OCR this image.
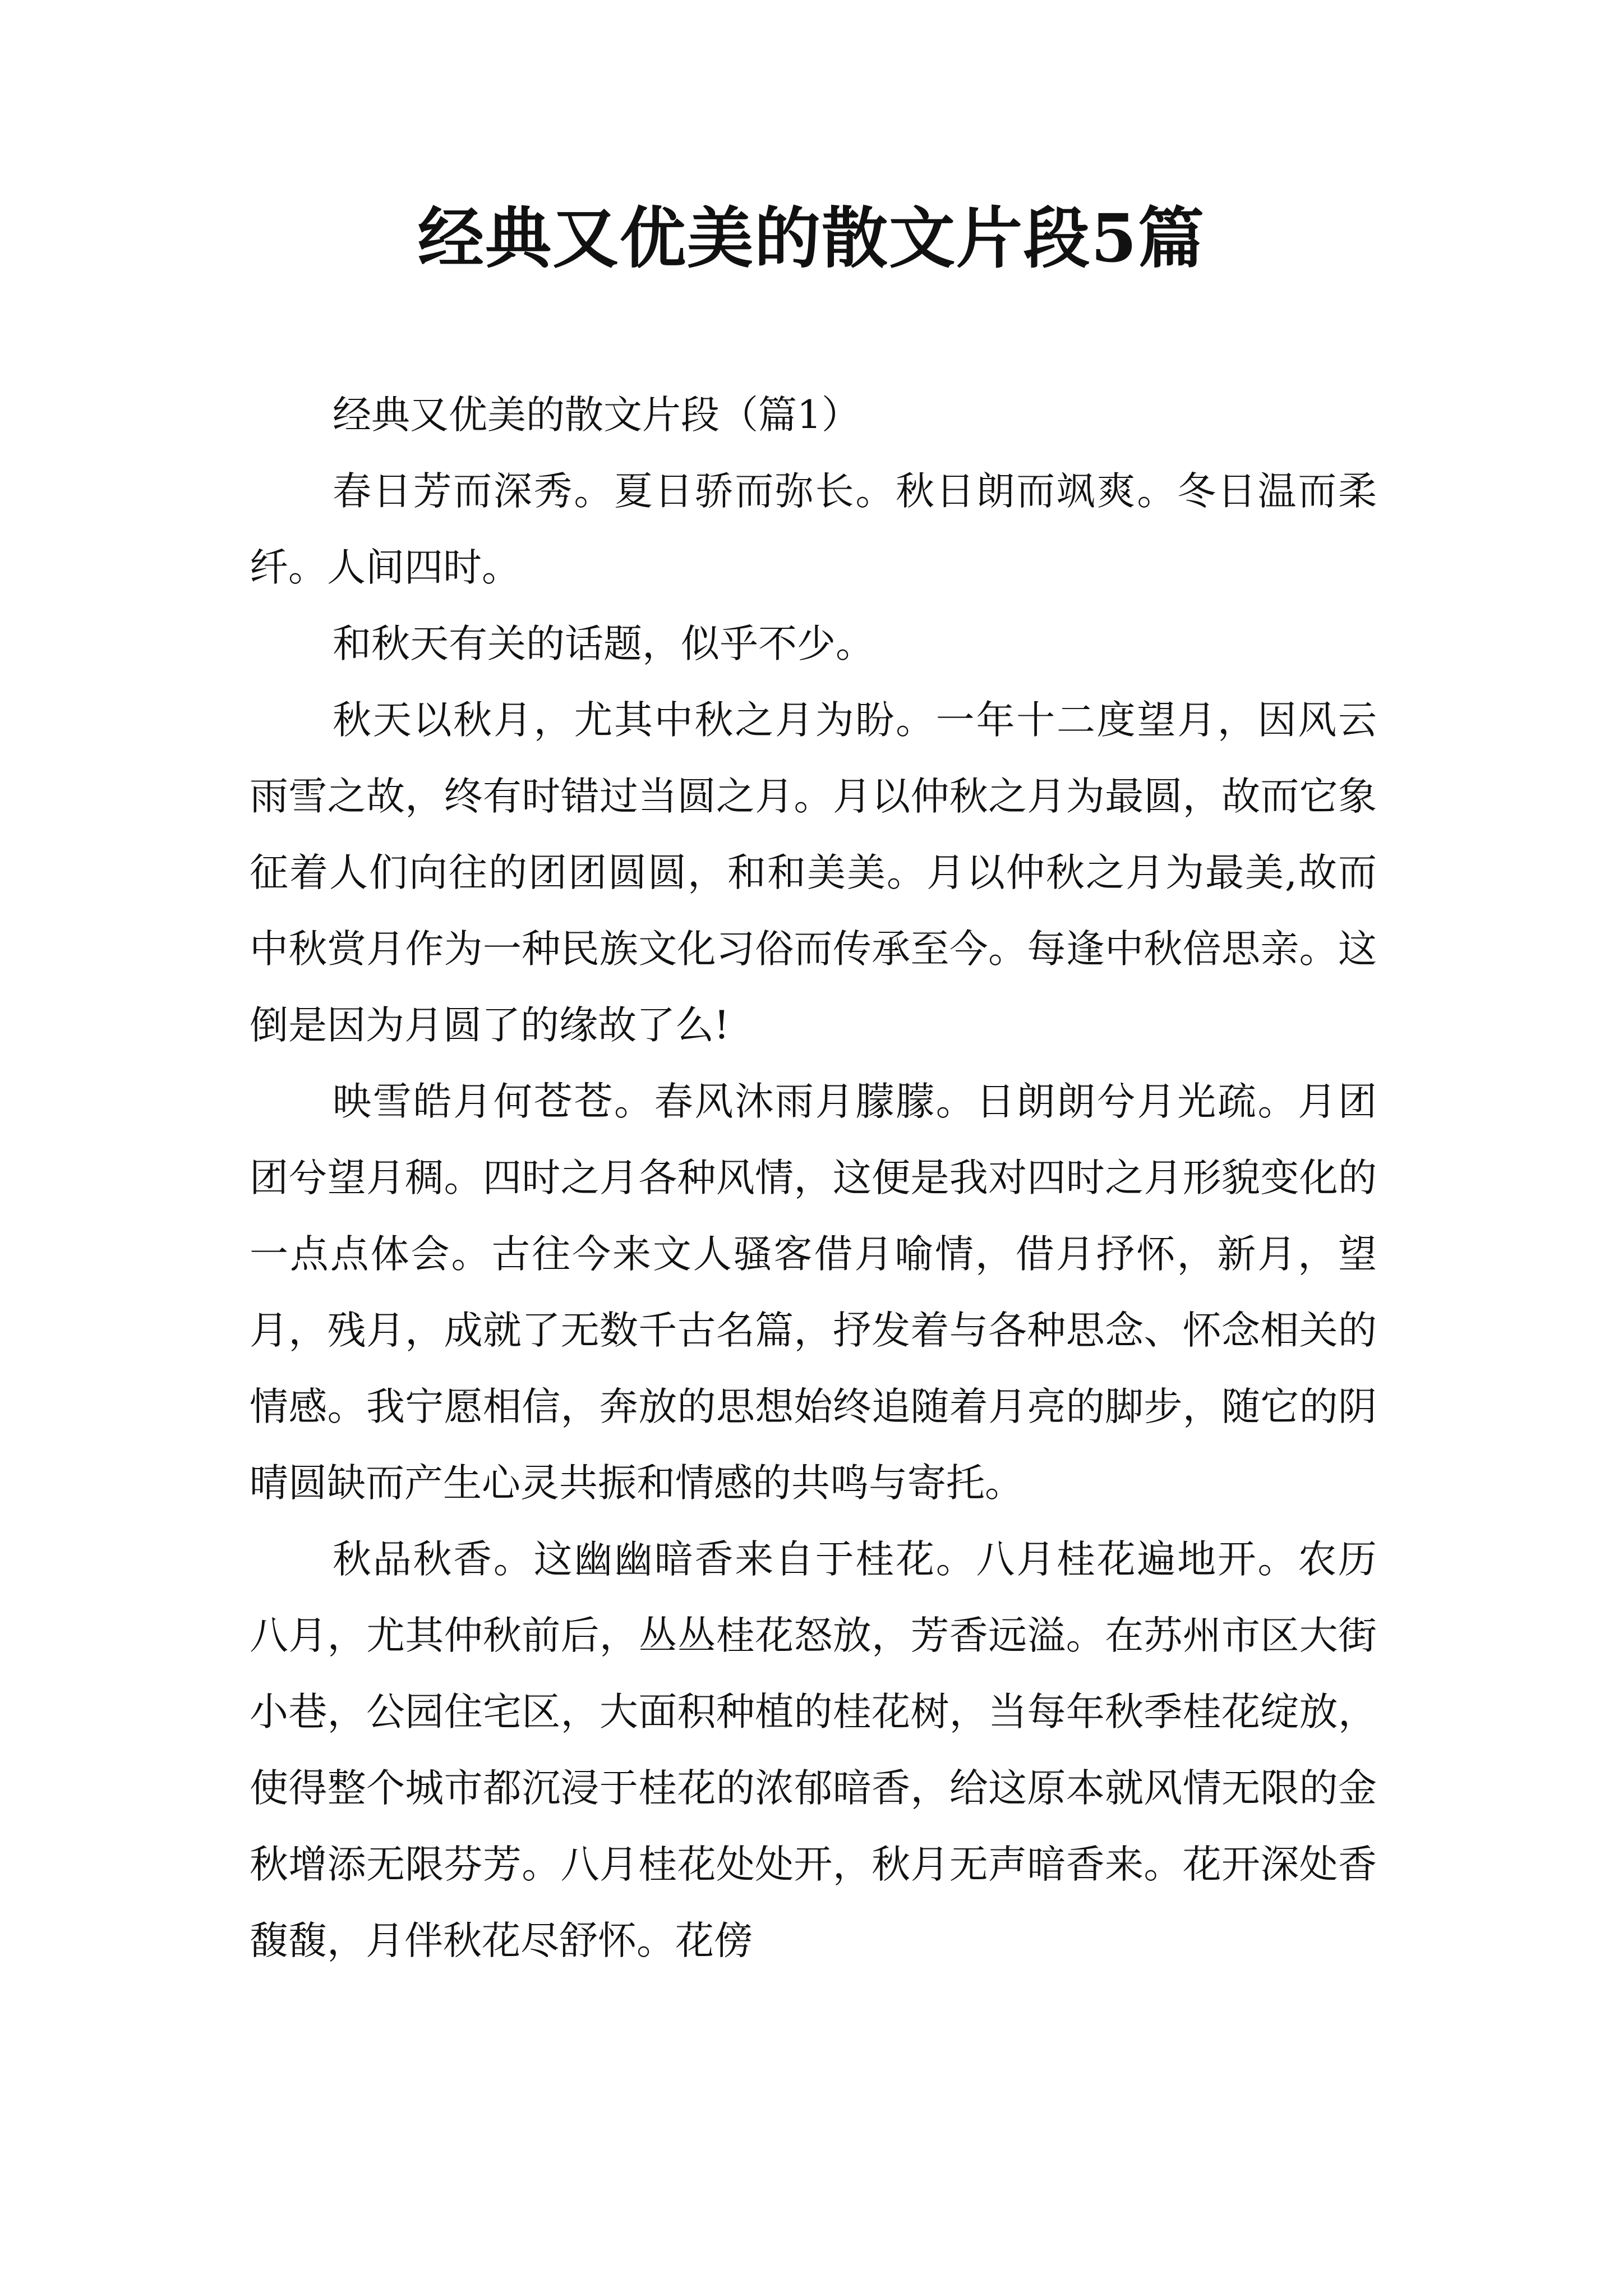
经典又优美的散文片段5篇

经典又优美的散文片段（篇1）

春日芳而深秀。夏日骄而弥长。秋日朗而飒爽。冬日温而柔纤。人间四时。

和秋天有关的话题，似乎不少。

秋天以秋月，尤其中秋之月为盼。一年十二度望月，因风云雨雪之故，终有时错过当圆之月。月以仲秋之月为最圆，故而它象征着人们向往的团团圆圆，和和美美。月以仲秋之月为最美,故而中秋赏月作为一种民族文化习俗而传承至今。每逢中秋倍思亲。这倒是因为月圆了的缘故了么!

映雪皓月何苍苍。春风沐雨月朦朦。日朗朗兮月光疏。月团团兮望月稠。四时之月各种风情，这便是我对四时之月形貌变化的一点点体会。古往今来文人骚客借月喻情，借月抒怀，新月，望月，残月，成就了无数千古名篇，抒发着与各种思念、怀念相关的情感。我宁愿相信，奔放的思想始终追随着月亮的脚步，随它的阴晴圆缺而产生心灵共振和情感的共鸣与寄托。

秋品秋香。这幽幽暗香来自于桂花。八月桂花遍地开。农历八月，尤其仲秋前后，丛丛桂花怒放，芳香远溢。在苏州市区大街小巷，公园住宅区，大面积种植的桂花树，当每年秋季桂花绽放，使得整个城市都沉浸于桂花的浓郁暗香，给这原本就风情无限的金秋增添无限芬芳。八月桂花处处开，秋月无声暗香来。花开深处香馥馥，月伴秋花尽舒怀。花傍
